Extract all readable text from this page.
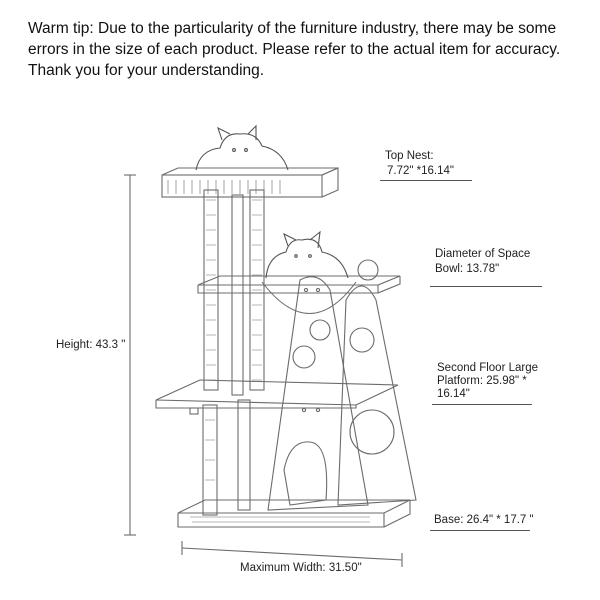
Warm tip: Due to the particularity of the furniture industry, there may be some errors in the size of each product. Please refer to the actual item for accuracy. Thank you for your understanding.
Top Nest:
7.72" *16.14"
Diameter of Space
Bowl: 13.78"
Second Floor Large
Platform: 25.98" *
16.14"
Height: 43.3 "
Base: 26.4" * 17.7 "
Maximum Width: 31.50"
